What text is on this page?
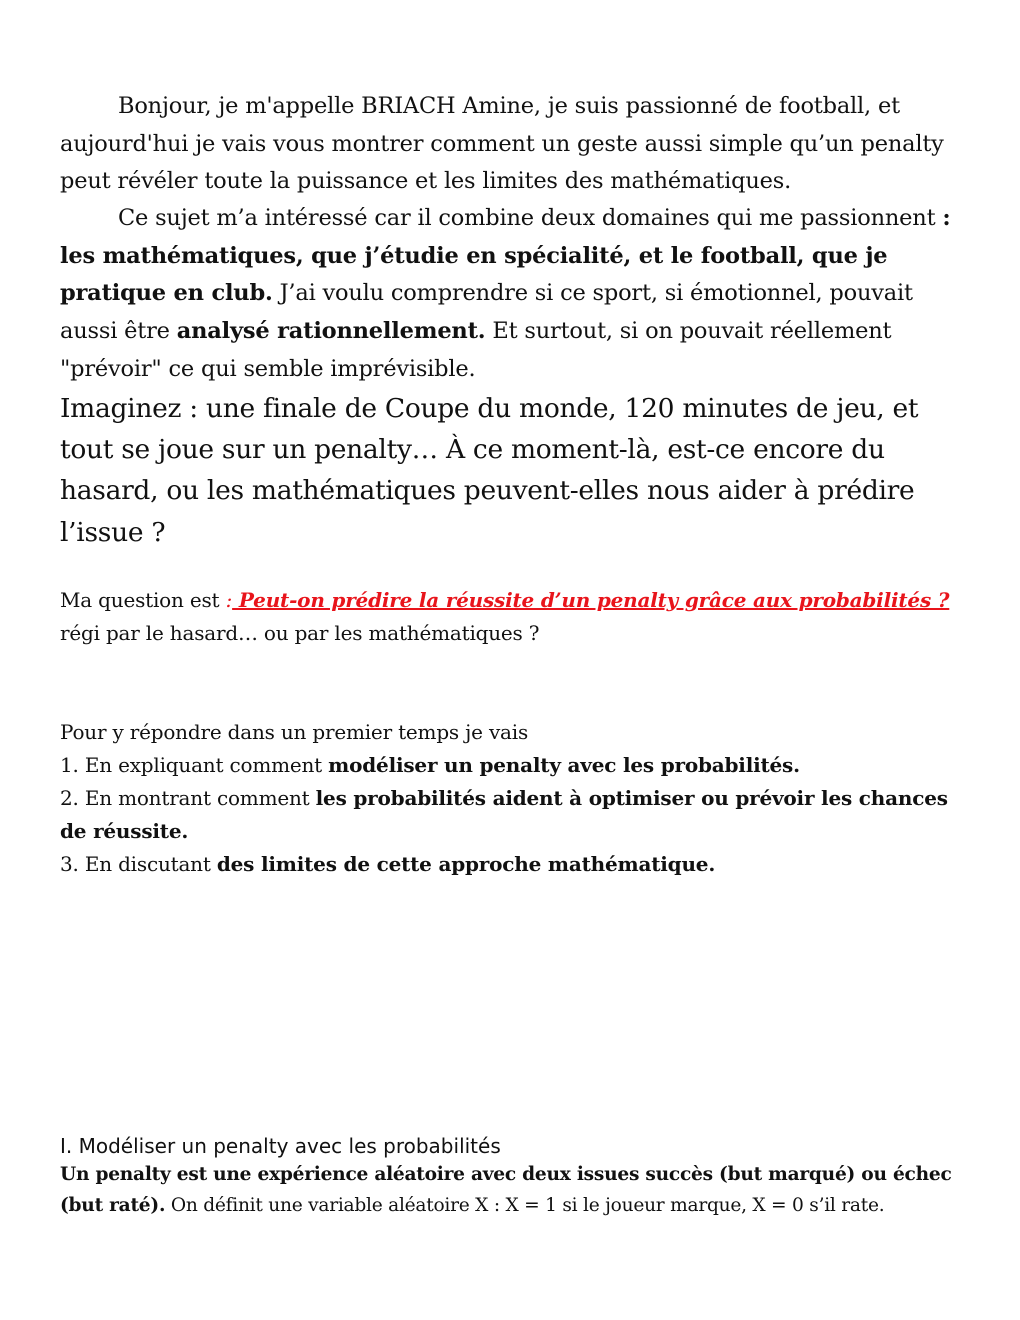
Bonjour, je m'appelle BRIACH Amine, je suis passionné de football, et aujourd'hui je vais vous montrer comment un geste aussi simple qu’un penalty peut révéler toute la puissance et les limites des mathématiques.
Ce sujet m’a intéressé car il combine deux domaines qui me passionnent : les mathématiques, que j’étudie en spécialité, et le football, que je pratique en club. J’ai voulu comprendre si ce sport, si émotionnel, pouvait aussi être analysé rationnellement. Et surtout, si on pouvait réellement "prévoir" ce qui semble imprévisible.
Imaginez : une finale de Coupe du monde, 120 minutes de jeu, et tout se joue sur un penalty… À ce moment-là, est-ce encore du hasard, ou les mathématiques peuvent-elles nous aider à prédire l’issue ?
Ma question est : Peut-on prédire la réussite d’un penalty grâce aux probabilités ?
régi par le hasard… ou par les mathématiques ?
Pour y répondre dans un premier temps je vais
1. En expliquant comment modéliser un penalty avec les probabilités.
2. En montrant comment les probabilités aident à optimiser ou prévoir les chances de réussite.
3. En discutant des limites de cette approche mathématique.
I. Modéliser un penalty avec les probabilités
Un penalty est une expérience aléatoire avec deux issues succès (but marqué) ou échec (but raté). On définit une variable aléatoire X : X = 1 si le joueur marque, X = 0 s’il rate.
